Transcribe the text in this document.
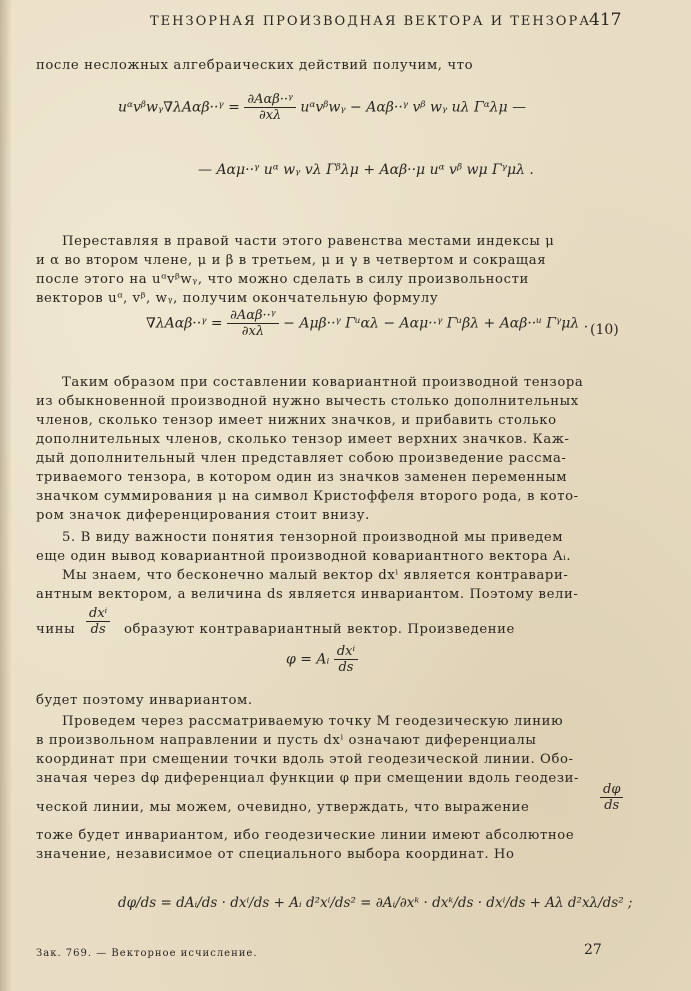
ТЕНЗОРНАЯ ПРОИЗВОДНАЯ ВЕКТОРА И ТЕНЗОРА
417
после несложных алгебраических действий получим, что
uᵅvᵝwᵧ∇λAαβ··ᵞ = $\frac{\text{∂Aαβ··ᵞ}}{\partial x\lambda}$ uᵅvᵝwᵧ − Aαβ··ᵞ vᵝ wᵧ uλ Γᵅλμ —
— Aαμ··ᵞ uᵅ wᵧ vλ Γᵝλμ + Aαβ··μ uᵅ vᵝ wμ Γᵞμλ .
Переставляя в правой части этого равенства местами индексы μ
и α во втором члене, μ и β в третьем, μ и γ в четвертом и сокращая
после этого на uᵅvᵝwᵧ, что можно сделать в силу произвольности
векторов uᵅ, vᵝ, wᵧ, получим окончательную формулу
∇λAαβ··ᵞ = $\frac{\text{∂Aαβ··ᵞ}}{\partial x\lambda}$ − Aμβ··ᵞ Γᵘαλ − Aαμ··ᵞ Γᵘβλ + Aαβ··ᵘ Γᵞμλ . (10)
Таким образом при составлении ковариантной производной тензора
из обыкновенной производной нужно вычесть столько дополнительных
членов, сколько тензор имеет нижних значков, и прибавить столько
дополнительных членов, сколько тензор имеет верхних значков. Каж-
дый дополнительный член представляет собою произведение рассма-
триваемого тензора, в котором один из значков заменен переменным
значком суммирования μ на символ Кристоффеля второго рода, в кото-
ром значок диференцирования стоит внизу.
5. В виду важности понятия тензорной производной мы приведем
еще один вывод ковариантной производной ковариантного вектора Aᵢ.
Мы знаем, что бесконечно малый вектор dxⁱ является контравари-
антным вектором, а величина ds является инвариантом. Поэтому вели-
чины $\frac{\text{dxⁱ}}{ds}$ образуют контравариантный вектор. Произведение
φ = Aᵢ $\frac{\text{dxⁱ}}{ds}$
будет поэтому инвариантом.
Проведем через рассматриваемую точку M геодезическую линию
в произвольном направлении и пусть dxⁱ означают диференциалы
координат при смещении точки вдоль этой геодезической линии. Обо-
значая через dφ диференциал функции φ при смещении вдоль геодези-
ческой линии, мы можем, очевидно, утверждать, что выражение	$\frac{d\varphi}{ds}$
тоже будет инвариантом, ибо геодезические линии имеют абсолютное
значение, независимое от специального выбора координат. Но
dφ/ds = dAᵢ/ds · dxⁱ/ds + Aᵢ d²xⁱ/ds² = ∂Aᵢ/∂xᵏ · dxᵏ/ds · dxⁱ/ds + Aλ d²xλ/ds² ;
Зак. 769. — Векторное исчисление.	27
